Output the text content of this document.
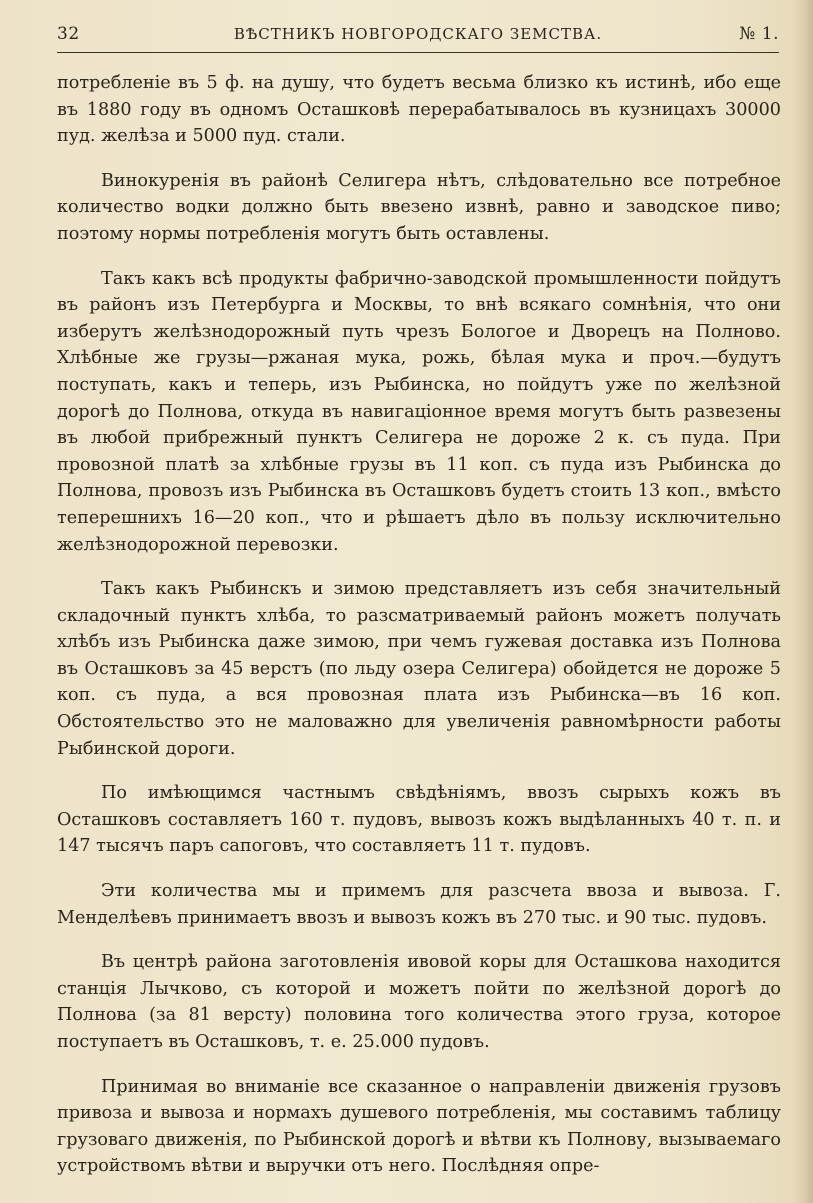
32	ВѢСТНИКЪ НОВГОРОДСКАГО ЗЕМСТВА.	№ 1.

потребленіе въ 5 ф. на душу, что будетъ весьма близко къ истинѣ, ибо еще въ 1880 году въ одномъ Осташковѣ перерабатывалось въ кузницахъ 30000 пуд. желѣза и 5000 пуд. стали.

Винокуренія въ районѣ Селигера нѣтъ, слѣдовательно все потребное количество водки должно быть ввезено извнѣ, равно и заводское пиво; поэтому нормы потребленія могутъ быть оставлены.

Такъ какъ всѣ продукты фабрично-заводской промышленности пойдутъ въ районъ изъ Петербурга и Москвы, то внѣ всякаго сомнѣнія, что они изберутъ желѣзнодорожный путь чрезъ Бологое и Дворецъ на Полново. Хлѣбные же грузы—ржаная мука, рожь, бѣлая мука и проч.—будутъ поступать, какъ и теперь, изъ Рыбинска, но пойдутъ уже по желѣзной дорогѣ до Полнова, откуда въ навигаціонное время могутъ быть развезены въ любой прибрежный пунктъ Селигера не дороже 2 к. съ пуда. При провозной платѣ за хлѣбные грузы въ 11 коп. съ пуда изъ Рыбинска до Полнова, провозъ изъ Рыбинска въ Осташковъ будетъ стоить 13 коп., вмѣсто теперешнихъ 16—20 коп., что и рѣшаетъ дѣло въ пользу исключительно желѣзнодорожной перевозки.

Такъ какъ Рыбинскъ и зимою представляетъ изъ себя значительный складочный пунктъ хлѣба, то разсматриваемый районъ можетъ получать хлѣбъ изъ Рыбинска даже зимою, при чемъ гужевая доставка изъ Полнова въ Осташковъ за 45 верстъ (по льду озера Селигера) обойдется не дороже 5 коп. съ пуда, а вся провозная плата изъ Рыбинска—въ 16 коп. Обстоятельство это не маловажно для увеличенія равномѣрности работы Рыбинской дороги.

По имѣющимся частнымъ свѣдѣніямъ, ввозъ сырыхъ кожъ въ Осташковъ составляетъ 160 т. пудовъ, вывозъ кожъ выдѣланныхъ 40 т. п. и 147 тысячъ паръ сапоговъ, что составляетъ 11 т. пудовъ.

Эти количества мы и примемъ для разсчета ввоза и вывоза. Г. Менделѣевъ принимаетъ ввозъ и вывозъ кожъ въ 270 тыс. и 90 тыс. пудовъ.

Въ центрѣ района заготовленія ивовой коры для Осташкова находится станція Лычково, съ которой и можетъ пойти по желѣзной дорогѣ до Полнова (за 81 версту) половина того количества этого груза, которое поступаетъ въ Осташковъ, т. е. 25.000 пудовъ.

Принимая во вниманіе все сказанное о направленіи движенія грузовъ привоза и вывоза и нормахъ душевого потребленія, мы составимъ таблицу грузоваго движенія, по Рыбинской дорогѣ и вѣтви къ Полнову, вызываемаго устройствомъ вѣтви и выручки отъ него. Послѣдняя опре-
